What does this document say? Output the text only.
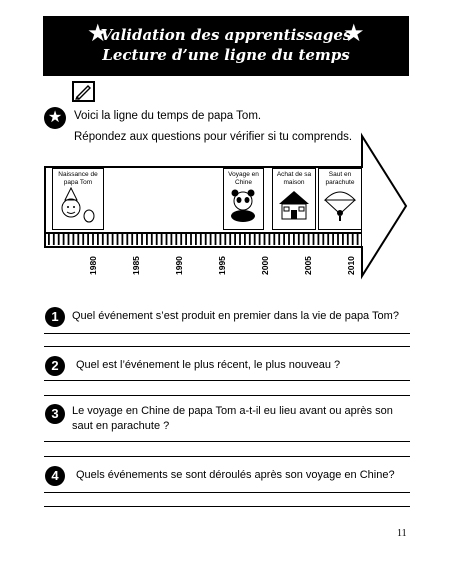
★	★
Validation des apprentissages
Lecture d’une ligne du temps
★	Voici la ligne du temps de papa Tom.
Répondez aux questions pour vérifier si tu comprends.
Naissance de papa Tom
Voyage en Chine
Achat de sa maison
Saut en parachute
1980	1985	1990	1995	2000	2005	2010
1	Quel événement s’est produit en premier dans la vie de papa Tom?
2	Quel est l’événement le plus récent, le plus nouveau ?
3	Le voyage en Chine de papa Tom a-t-il eu lieu avant ou après son saut en parachute ?
4	Quels événements se sont déroulés après son voyage en Chine?
11
